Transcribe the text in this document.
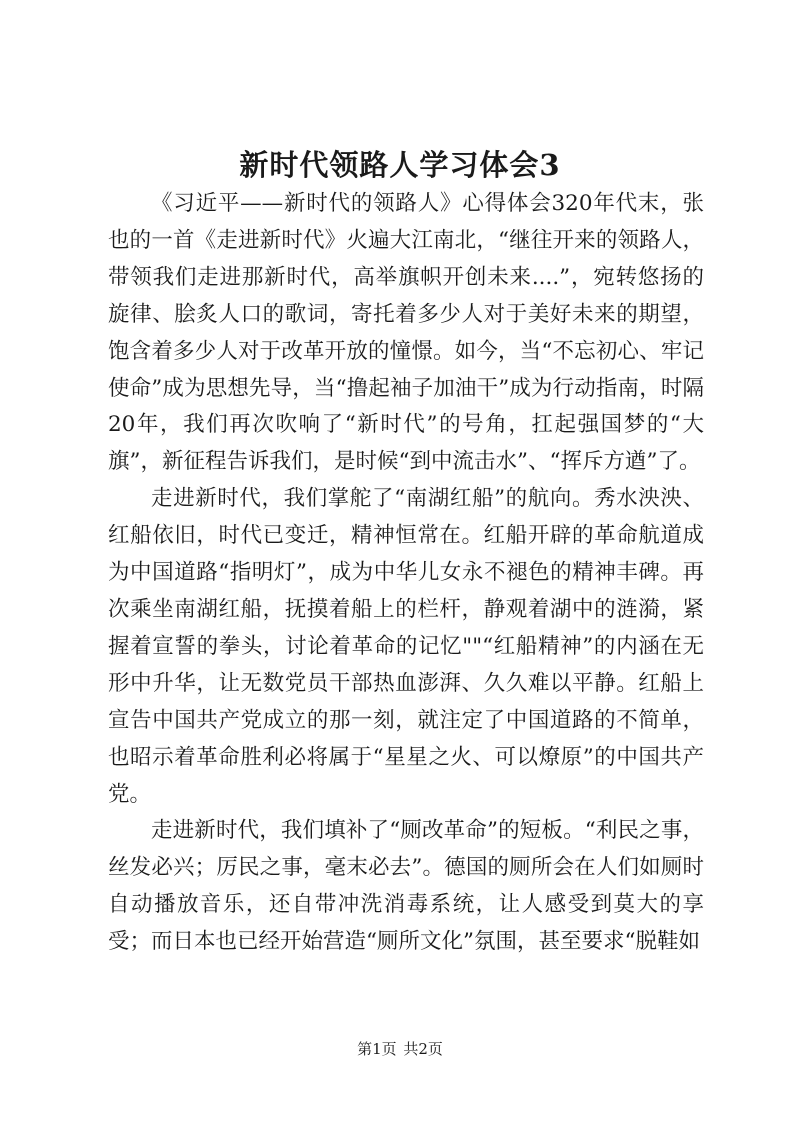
新时代领路人学习体会3

《习近平——新时代的领路人》心得体会320年代末，张也的一首《走进新时代》火遍大江南北，“继往开来的领路人，带领我们走进那新时代，高举旗帜开创未来....”，宛转悠扬的旋律、脍炙人口的歌词，寄托着多少人对于美好未来的期望，饱含着多少人对于改革开放的憧憬。如今，当“不忘初心、牢记使命”成为思想先导，当“撸起袖子加油干”成为行动指南，时隔20年，我们再次吹响了“新时代”的号角，扛起强国梦的“大旗”，新征程告诉我们，是时候“到中流击水”、“挥斥方遒”了。

走进新时代，我们掌舵了“南湖红船”的航向。秀水泱泱、红船依旧，时代已变迁，精神恒常在。红船开辟的革命航道成为中国道路“指明灯”，成为中华儿女永不褪色的精神丰碑。再次乘坐南湖红船，抚摸着船上的栏杆，静观着湖中的涟漪，紧握着宣誓的拳头，讨论着革命的记忆""“红船精神”的内涵在无形中升华，让无数党员干部热血澎湃、久久难以平静。红船上宣告中国共产党成立的那一刻，就注定了中国道路的不简单，也昭示着革命胜利必将属于“星星之火、可以燎原”的中国共产党。

走进新时代，我们填补了“厕改革命”的短板。“利民之事，丝发必兴；厉民之事，毫末必去”。德国的厕所会在人们如厕时自动播放音乐，还自带冲洗消毒系统，让人感受到莫大的享受；而日本也已经开始营造“厕所文化”氛围，甚至要求“脱鞋如

第1页 共2页
